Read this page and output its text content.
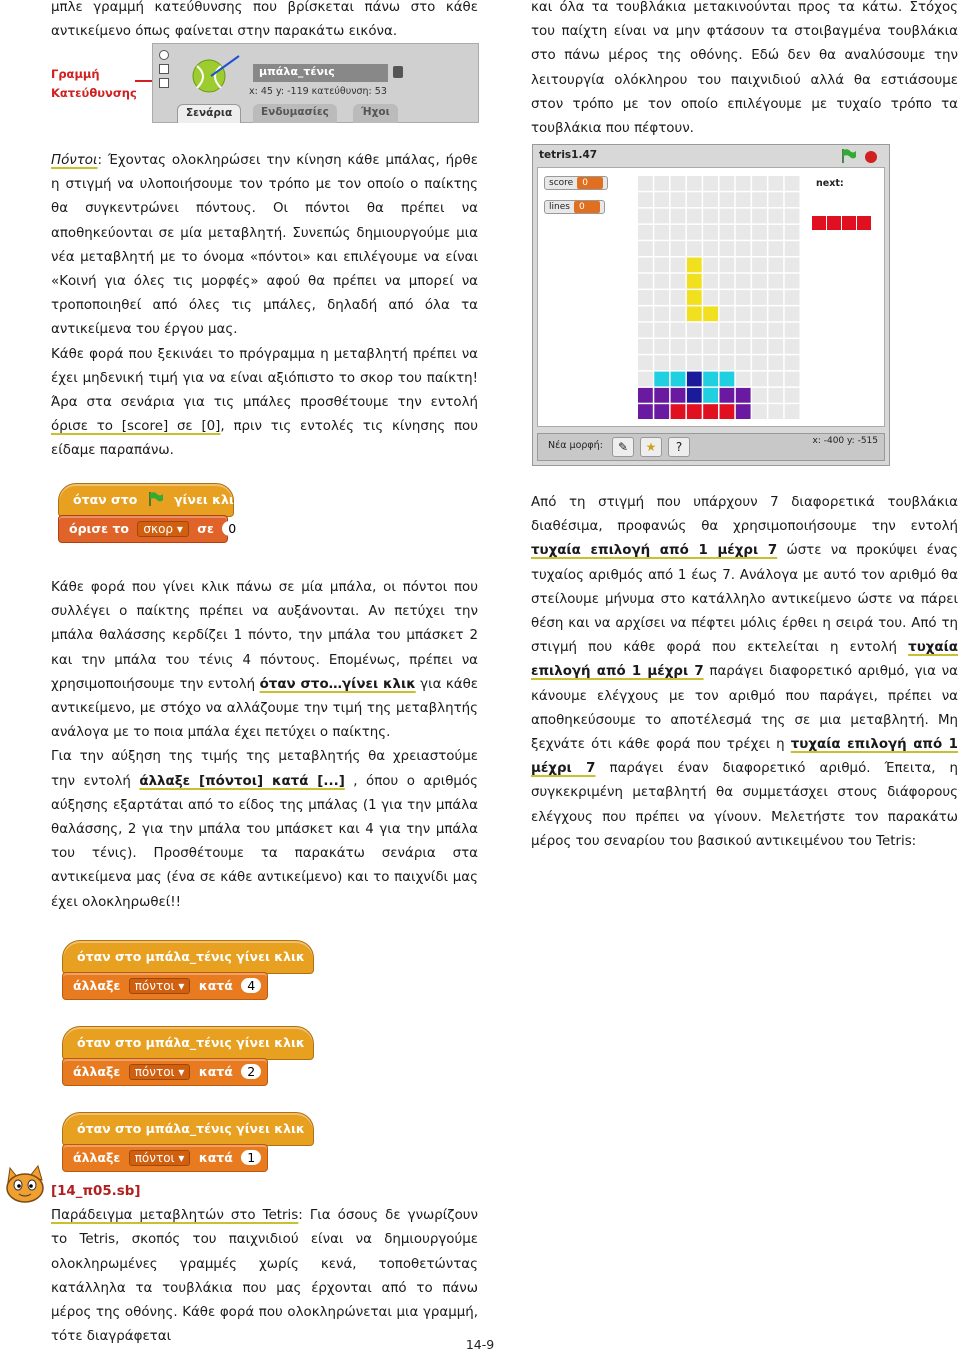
μπλε γραμμή κατεύθυνσης που βρίσκεται πάνω στο κάθε αντικείμενο όπως φαίνεται στην παρακάτω εικόνα.

Γραμμή
Κατεύθυνσης
μπάλα_τένις
x: 45 y: -119 κατεύθυνση: 53
Σενάρια	Ενδυμασίες	Ήχοι

Πόντοι: Έχοντας ολοκληρώσει την κίνηση κάθε μπάλας, ήρθε η στιγμή να υλοποιήσουμε τον τρόπο με τον οποίο ο παίκτης θα συγκεντρώνει πόντους. Οι πόντοι θα πρέπει να αποθηκεύονται σε μία μεταβλητή. Συνεπώς δημιουργούμε μια νέα μεταβλητή με το όνομα «πόντοι» και επιλέγουμε να είναι «Κοινή για όλες τις μορφές» αφού θα πρέπει να μπορεί να τροποποιηθεί από όλες τις μπάλες, δηλαδή από όλα τα αντικείμενα του έργου μας.

Κάθε φορά που ξεκινάει το πρόγραμμα η μεταβλητή πρέπει να έχει μηδενική τιμή για να είναι αξιόπιστο το σκορ του παίκτη! Άρα στα σενάρια για τις μπάλες προσθέτουμε την εντολή όρισε το [score] σε [0], πριν τις εντολές τις κίνησης που είδαμε παραπάνω.

όταν στο	γίνει κλικ
όρισε το σκορ ▾ σε 0

Κάθε φορά που γίνει κλικ πάνω σε μία μπάλα, οι πόντοι που συλλέγει ο παίκτης πρέπει να αυξάνονται. Αν πετύχει την μπάλα θαλάσσης κερδίζει 1 πόντο, την μπάλα του μπάσκετ 2 και την μπάλα του τένις 4 πόντους. Επομένως, πρέπει να χρησιμοποιήσουμε την εντολή όταν στο…γίνει κλικ για κάθε αντικείμενο, με στόχο να αλλάζουμε την τιμή της μεταβλητής ανάλογα με το ποια μπάλα έχει πετύχει ο παίκτης.

Για την αύξηση της τιμής της μεταβλητής θα χρειαστούμε την εντολή άλλαξε [πόντοι] κατά [...] , όπου ο αριθμός αύξησης εξαρτάται από το είδος της μπάλας (1 για την μπάλα θαλάσσης, 2 για την μπάλα του μπάσκετ και 4 για την μπάλα του τένις). Προσθέτουμε τα παρακάτω σενάρια στα αντικείμενα μας (ένα σε κάθε αντικείμενο) και το παιχνίδι μας έχει ολοκληρωθεί!!

όταν στο μπάλα_τένις γίνει κλικ
άλλαξε πόντοι ▾ κατά 4
όταν στο μπάλα_τένις γίνει κλικ
άλλαξε πόντοι ▾ κατά 2
όταν στο μπάλα_τένις γίνει κλικ
άλλαξε πόντοι ▾ κατά 1

[14_π05.sb]

Παράδειγμα μεταβλητών στο Tetris: Για όσους δε γνωρίζουν το Tetris, σκοπός του παιχνιδιού είναι να δημιουργούμε ολοκληρωμένες γραμμές χωρίς κενά, τοποθετώντας κατάλληλα τα τουβλάκια που μας έρχονται από το πάνω μέρος της οθόνης. Κάθε φορά που ολοκληρώνεται μια γραμμή, τότε διαγράφεται

και όλα τα τουβλάκια μετακινούνται προς τα κάτω. Στόχος του παίχτη είναι να μην φτάσουν τα στοιβαγμένα τουβλάκια στο πάνω μέρος της οθόνης. Εδώ δεν θα αναλύσουμε την λειτουργία ολόκληρου του παιχνιδιού αλλά θα εστιάσουμε στον τρόπο με τον οποίο επιλέγουμε με τυχαίο τρόπο τα τουβλάκια που πέφτουν.

tetris1.47
score 0
lines 0
next:
Νέα μορφή:	✎	★	?	x: -400 y: -515

Από τη στιγμή που υπάρχουν 7 διαφορετικά τουβλάκια διαθέσιμα, προφανώς θα χρησιμοποιήσουμε την εντολή τυχαία επιλογή από 1 μέχρι 7 ώστε να προκύψει ένας τυχαίος αριθμός από 1 έως 7. Ανάλογα με αυτό τον αριθμό θα στείλουμε μήνυμα στο κατάλληλο αντικείμενο ώστε να πάρει θέση και να αρχίσει να πέφτει μόλις έρθει η σειρά του. Από τη στιγμή που κάθε φορά που εκτελείται η εντολή τυχαία επιλογή από 1 μέχρι 7 παράγει διαφορετικό αριθμό, για να κάνουμε ελέγχους με τον αριθμό που παράγει, πρέπει να αποθηκεύσουμε το αποτέλεσμά της σε μια μεταβλητή. Μη ξεχνάτε ότι κάθε φορά που τρέχει η τυχαία επιλογή από 1 μέχρι 7 παράγει έναν διαφορετικό αριθμό. Έπειτα, η συγκεκριμένη μεταβλητή θα συμμετάσχει στους διάφορους ελέγχους που πρέπει να γίνουν. Μελετήστε τον παρακάτω μέρος του σεναρίου του βασικού αντικειμένου του Tetris:

14-9
